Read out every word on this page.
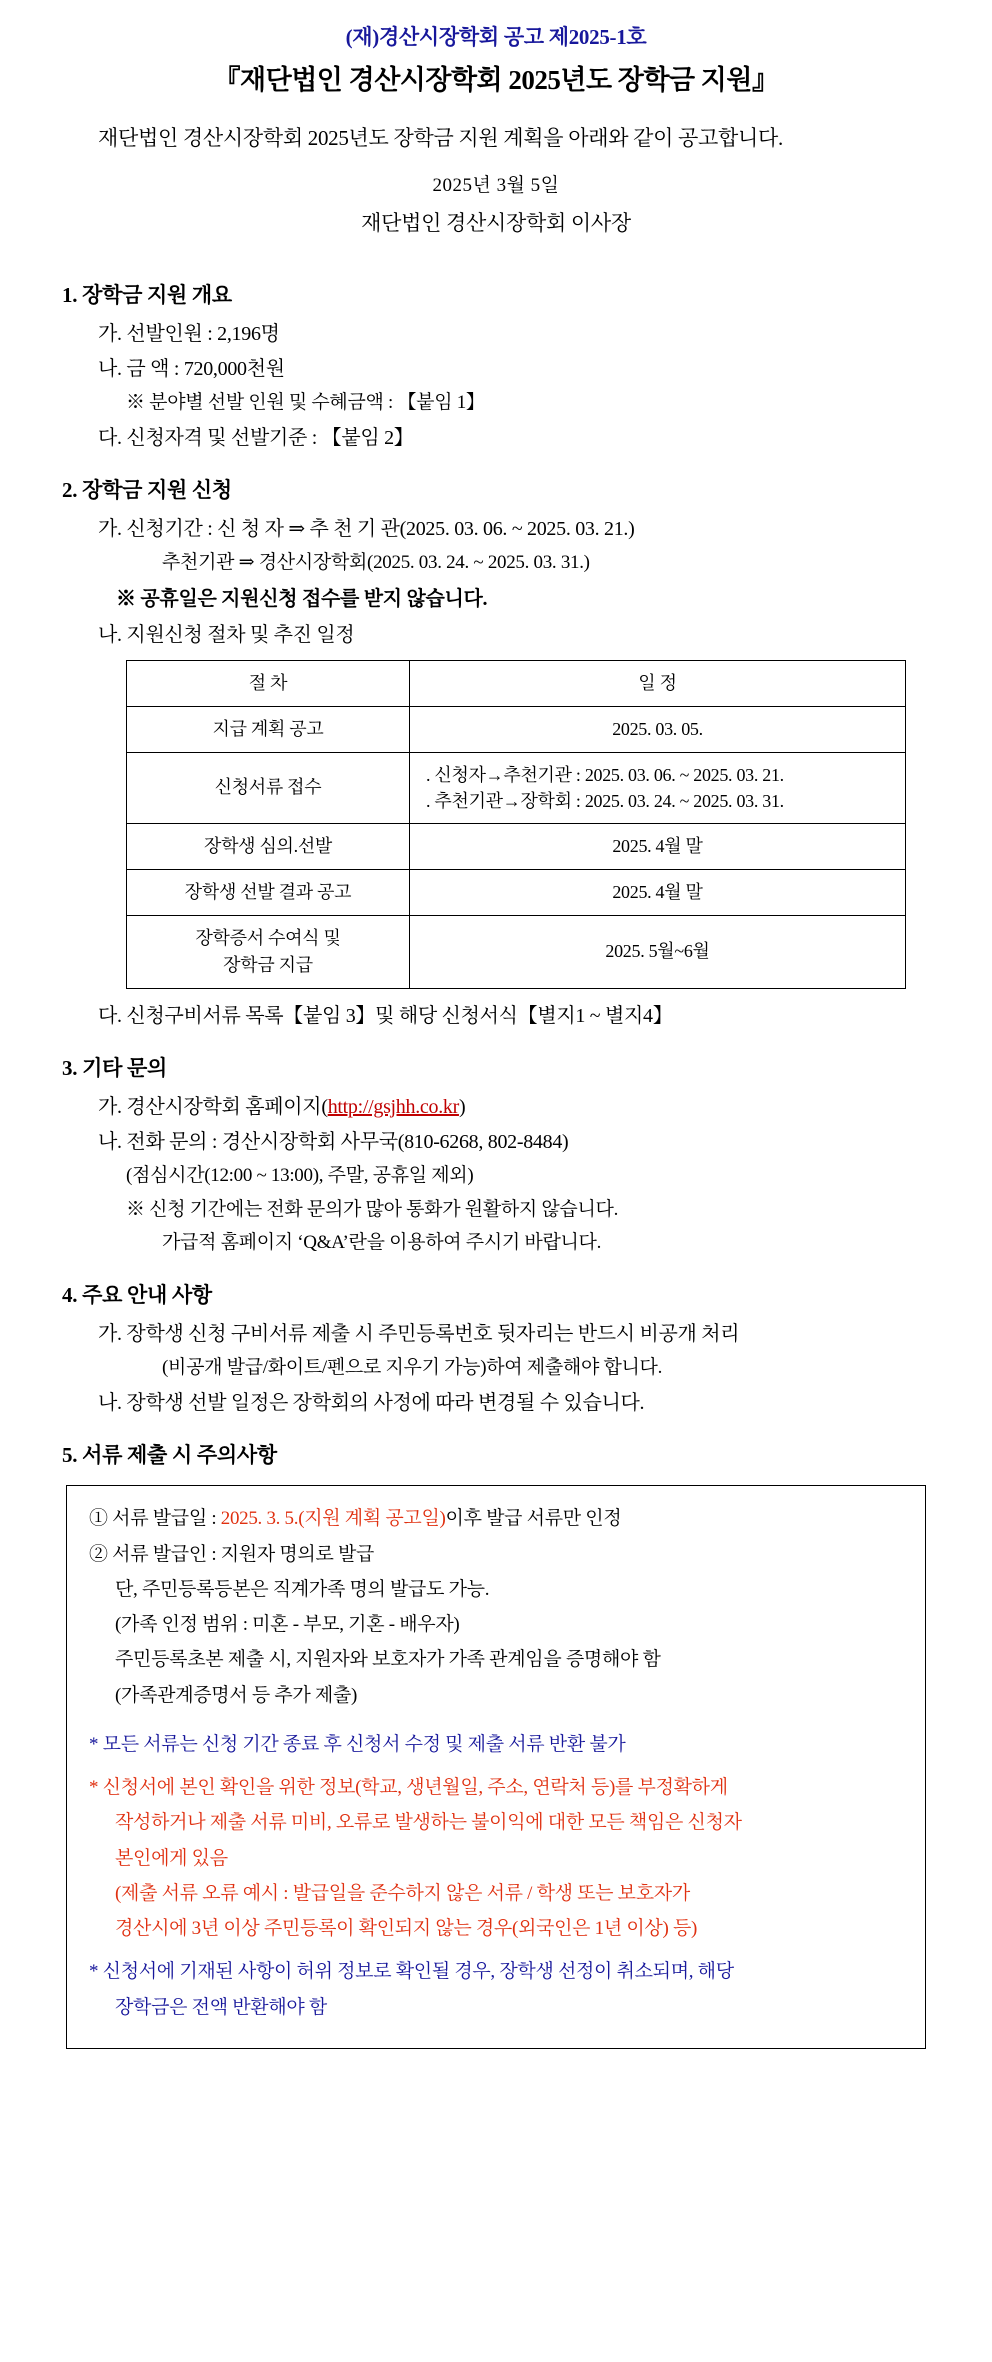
(재)경산시장학회 공고 제2025-1호
『재단법인 경산시장학회 2025년도 장학금 지원』

재단법인 경산시장학회 2025년도 장학금 지원 계획을 아래와 같이 공고합니다.

2025년 3월 5일
재단법인 경산시장학회 이사장
1. 장학금 지원 개요
가. 선발인원 : 2,196명
나. 금 액 : 720,000천원
※ 분야별 선발 인원 및 수혜금액 : 【붙임 1】
다. 신청자격 및 선발기준 : 【붙임 2】
2. 장학금 지원 신청
가. 신청기간 : 신 청 자 ⇒ 추 천 기 관(2025. 03. 06. ~ 2025. 03. 21.)
추천기관 ⇒ 경산시장학회(2025. 03. 24. ~ 2025. 03. 31.)
※ 공휴일은 지원신청 접수를 받지 않습니다.
나. 지원신청 절차 및 추진 일정
절 차	일 정
지급 계획 공고	2025. 03. 05.
신청서류 접수	. 신청자→추천기관 : 2025. 03. 06. ~ 2025. 03. 21.
. 추천기관→장학회 : 2025. 03. 24. ~ 2025. 03. 31.

장학생 심의.선발	2025. 4월 말
장학생 선발 결과 공고	2025. 4월 말

장학증서 수여식 및
장학금 지급	2025. 5월~6월
다. 신청구비서류 목록【붙임 3】및 해당 신청서식【별지1 ~ 별지4】
3. 기타 문의
가. 경산시장학회 홈페이지(http://gsjhh.co.kr)
나. 전화 문의 : 경산시장학회 사무국(810-6268, 802-8484)
(점심시간(12:00 ~ 13:00), 주말, 공휴일 제외)
※ 신청 기간에는 전화 문의가 많아 통화가 원활하지 않습니다.
가급적 홈페이지 ‘Q&A’란을 이용하여 주시기 바랍니다.
4. 주요 안내 사항
가. 장학생 신청 구비서류 제출 시 주민등록번호 뒷자리는 반드시 비공개 처리
(비공개 발급/화이트/펜으로 지우기 가능)하여 제출해야 합니다.
나. 장학생 선발 일정은 장학회의 사정에 따라 변경될 수 있습니다.
5. 서류 제출 시 주의사항

① 서류 발급일 : 2025. 3. 5.(지원 계획 공고일)이후 발급 서류만 인정

② 서류 발급인 : 지원자 명의로 발급

단, 주민등록등본은 직계가족 명의 발급도 가능.

(가족 인정 범위 : 미혼 - 부모, 기혼 - 배우자)

주민등록초본 제출 시, 지원자와 보호자가 가족 관계임을 증명해야 함

(가족관계증명서 등 추가 제출)

* 모든 서류는 신청 기간 종료 후 신청서 수정 및 제출 서류 반환 불가

* 신청서에 본인 확인을 위한 정보(학교, 생년월일, 주소, 연락처 등)를 부정확하게

작성하거나 제출 서류 미비, 오류로 발생하는 불이익에 대한 모든 책임은 신청자

본인에게 있음

(제출 서류 오류 예시 : 발급일을 준수하지 않은 서류 / 학생 또는 보호자가

경산시에 3년 이상 주민등록이 확인되지 않는 경우(외국인은 1년 이상) 등)

* 신청서에 기재된 사항이 허위 정보로 확인될 경우, 장학생 선정이 취소되며, 해당

장학금은 전액 반환해야 함
